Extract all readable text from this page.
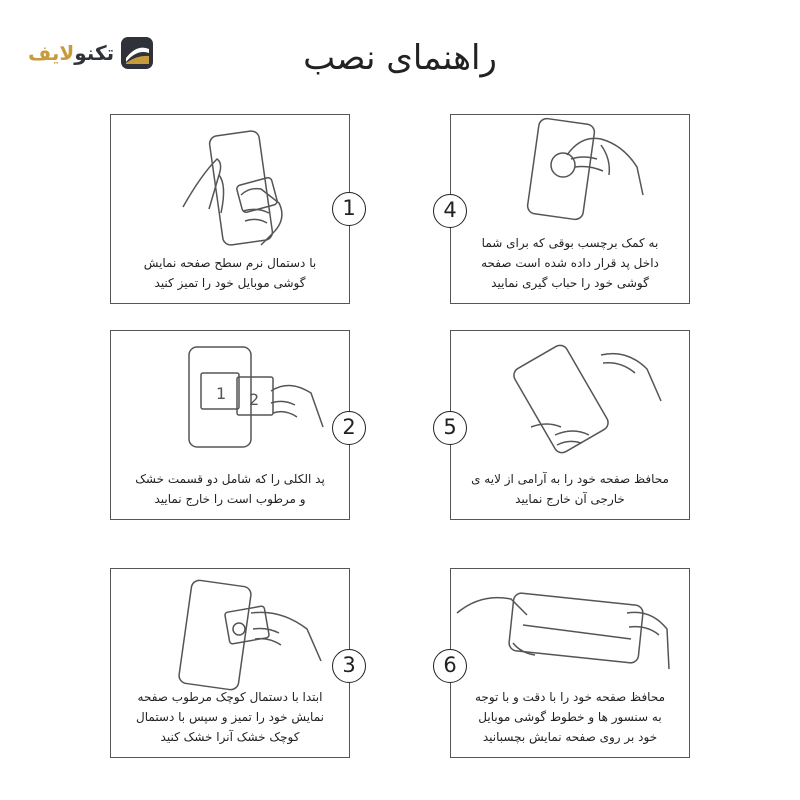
تکنولایف	راهنمای نصب
با دستمال نرم سطح صفحه نمایش
گوشی موبایل خود را تمیز کنید
1
به کمک برچسب بوقی که برای شما
داخل پد قرار داده شده است صفحه
گوشی خود را حباب گیری نمایید
4
1 2
پد الکلی را که شامل دو قسمت خشک
و مرطوب است را خارج نمایید
2
محافظ صفحه خود را به آرامی از لایه ی
خارجی آن خارج نمایید
5
ابتدا با دستمال کوچک مرطوب صفحه
نمایش خود را تمیز و سپس با دستمال
کوچک خشک آنرا خشک کنید
3
محافظ صفحه خود را با دقت و با توجه
به سنسور ها و خطوط گوشی موبایل
خود بر روی صفحه نمایش بچسبانید
6
